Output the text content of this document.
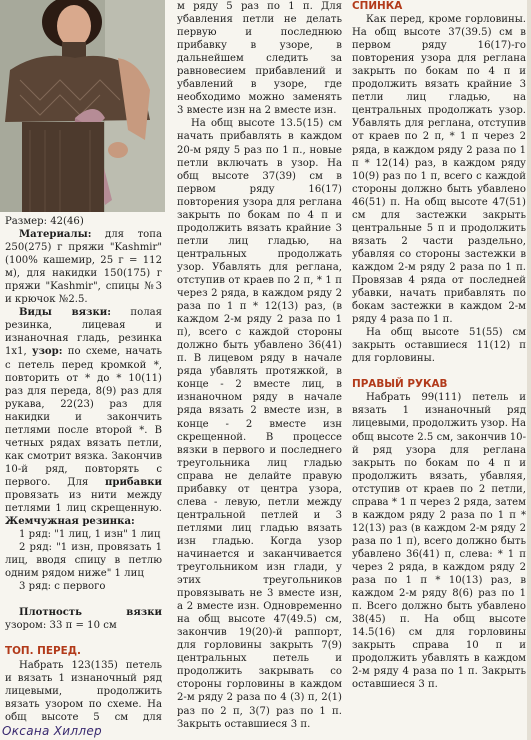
Размер: 42(46)

Материалы: для топа 250(275) г пряжи "Kashmir" (100% кашемир, 25 г = 112 м), для накидки 150(175) г пряжи "Kashmir", спицы №3 и крючок №2.5.

Виды вязки: полая резинка, лицевая и изнаночная гладь, резинка 1х1, узор: по схеме, начать с петель перед кромкой *, повторить от * до * 10(11) раз для переда, 8(9) раз для рукава, 22(23) раз для накидки и закончить петлями после второй *. В четных рядах вязать петли, как смотрит вязка. Закончив 10-й ряд, повторять с первого. Для прибавки провязать из нити между петлями 1 лиц скрещенную. Жемчужная резинка:

1 ряд: "1 лиц, 1 изн" 1 лиц

2 ряд: "1 изн, провязать 1 лиц, вводя спицу в петлю одним рядом ниже" 1 лиц

3 ряд: с первого

Плотность вязки узором: 33 п = 10 см

ТОП. ПЕРЕД.

Набрать 123(135) петель и вязать 1 изнаночный ряд лицевыми, продолжить вязать узором по схеме. На общ высоте 5 см для

м ряду 5 раз по 1 п. Для убавления петли не делать первую и последнюю прибавку в узоре, в дальнейшем следить за равновесием прибавлений и убавлений в узоре, где необходимо можно заменять 3 вместе изн на 2 вместе изн.

На общ высоте 13.5(15) см начать прибавлять в каждом 20-м ряду 5 раз по 1 п., новые петли включать в узор. На общ высоте 37(39) см в первом ряду 16(17) повторения узора для реглана закрыть по бокам по 4 п и продолжить вязать крайние 3 петли лиц гладью, на центральных продолжать узор. Убавлять для реглана, отступив от краев по 2 п, * 1 п через 2 ряда, в каждом ряду 2 раза по 1 п * 12(13) раз, (в каждом 2-м ряду 2 раза по 1 п), всего с каждой стороны должно быть убавлено 36(41) п. В лицевом ряду в начале ряда убавлять протяжкой, в конце - 2 вместе лиц, в изнаночном ряду в начале ряда вязать 2 вместе изн, в конце - 2 вместе изн скрещенной. В процессе вязки в первого и последнего треугольника лиц гладью справа не делайте правую прибавку от центра узора, слева - левую, петли между центральной петлей и 3 петлями лиц гладью вязать изн гладью. Когда узор начинается и заканчивается треугольником изн глади, у этих треугольников провязывать не 3 вместе изн, а 2 вместе изн. Одновременно на общ высоте 47(49.5) см, закончив 19(20)-й раппорт, для горловины закрыть 7(9) центральных петель и продолжить закрывать со стороны горловины в каждом 2-м ряду 2 раза по 4 (3) п, 2(1) раз по 2 п, 3(7) раз по 1 п. Закрыть оставшиеся 3 п.

СПИНКА

Как перед, кроме горловины. На общ высоте 37(39.5) см в первом ряду 16(17)-го повторения узора для реглана закрыть по бокам по 4 п и продолжить вязать крайние 3 петли лиц гладью, на центральных продолжать узор. Убавлять для реглана, отступив от краев по 2 п, * 1 п через 2 ряда, в каждом ряду 2 раза по 1 п * 12(14) раз, в каждом ряду 10(9) раз по 1 п, всего с каждой стороны должно быть убавлено 46(51) п. На общ высоте 47(51) см для застежки закрыть центральные 5 п и продолжить вязать 2 части раздельно, убавляя со стороны застежки в каждом 2-м ряду 2 раза по 1 п. Провязав 4 ряда от последней убавки, начать прибавлять по бокам застежки в каждом 2-м ряду 4 раза по 1 п.

На общ высоте 51(55) см закрыть оставшиеся 11(12) п для горловины.

ПРАВЫЙ РУКАВ

Набрать 99(111) петель и вязать 1 изнаночный ряд лицевыми, продолжить узор. На общ высоте 2.5 см, закончив 10-й ряд узора для реглана закрыть по бокам по 4 п и продолжить вязать, убавляя, отступив от краев по 2 петли, справа * 1 п через 2 ряда, затем в каждом ряду 2 раза по 1 п * 12(13) раз (в каждом 2-м ряду 2 раза по 1 п), всего должно быть убавлено 36(41) п, слева: * 1 п через 2 ряда, в каждом ряду 2 раза по 1 п * 10(13) раз, в каждом 2-м ряду 8(6) раз по 1 п. Всего должно быть убавлено 38(45) п. На общ высоте 14.5(16) см для горловины закрыть справа 10 п и продолжить убавлять в каждом 2-м ряду 4 раза по 1 п. Закрыть оставшиеся 3 п.

Оксана Хиллер
